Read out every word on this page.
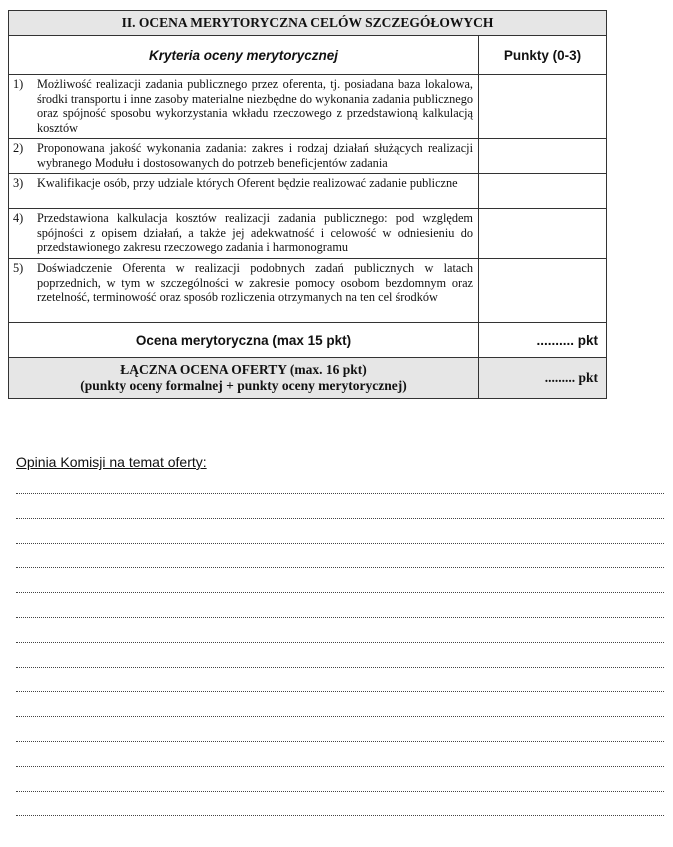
II. OCENA MERYTORYCZNA CELÓW SZCZEGÓŁOWYCH	
Kryteria oceny merytorycznej	Punkty (0-3)

1) Możliwość realizacji zadania publicznego przez oferenta, tj. posiadana baza lokalowa, środki transportu i inne zasoby materialne niezbędne do wykonania zadania publicznego oraz spójność sposobu wykorzystania wkładu rzeczowego z przedstawioną kalkulacją kosztów	

2) Proponowana jakość wykonania zadania: zakres i rodzaj działań służących realizacji wybranego Modułu i dostosowanych do potrzeb beneficjentów zadania	

3) Kwalifikacje osób, przy udziale których Oferent będzie realizować zadanie publiczne	

4) Przedstawiona kalkulacja kosztów realizacji zadania publicznego: pod względem spójności z opisem działań, a także jej adekwatność i celowość w odniesieniu do przedstawionego zakresu rzeczowego zadania i harmonogramu	

5) Doświadczenie Oferenta w realizacji podobnych zadań publicznych w latach poprzednich, w tym w szczególności w zakresie pomocy osobom bezdomnym oraz rzetelność, terminowość oraz sposób rozliczenia otrzymanych na ten cel środków	

Ocena merytoryczna (max 15 pkt)	.......... pkt

ŁĄCZNA OCENA OFERTY (max. 16 pkt)
(punkty oceny formalnej + punkty oceny merytorycznej)	......... pkt
Opinia Komisji na temat oferty:
